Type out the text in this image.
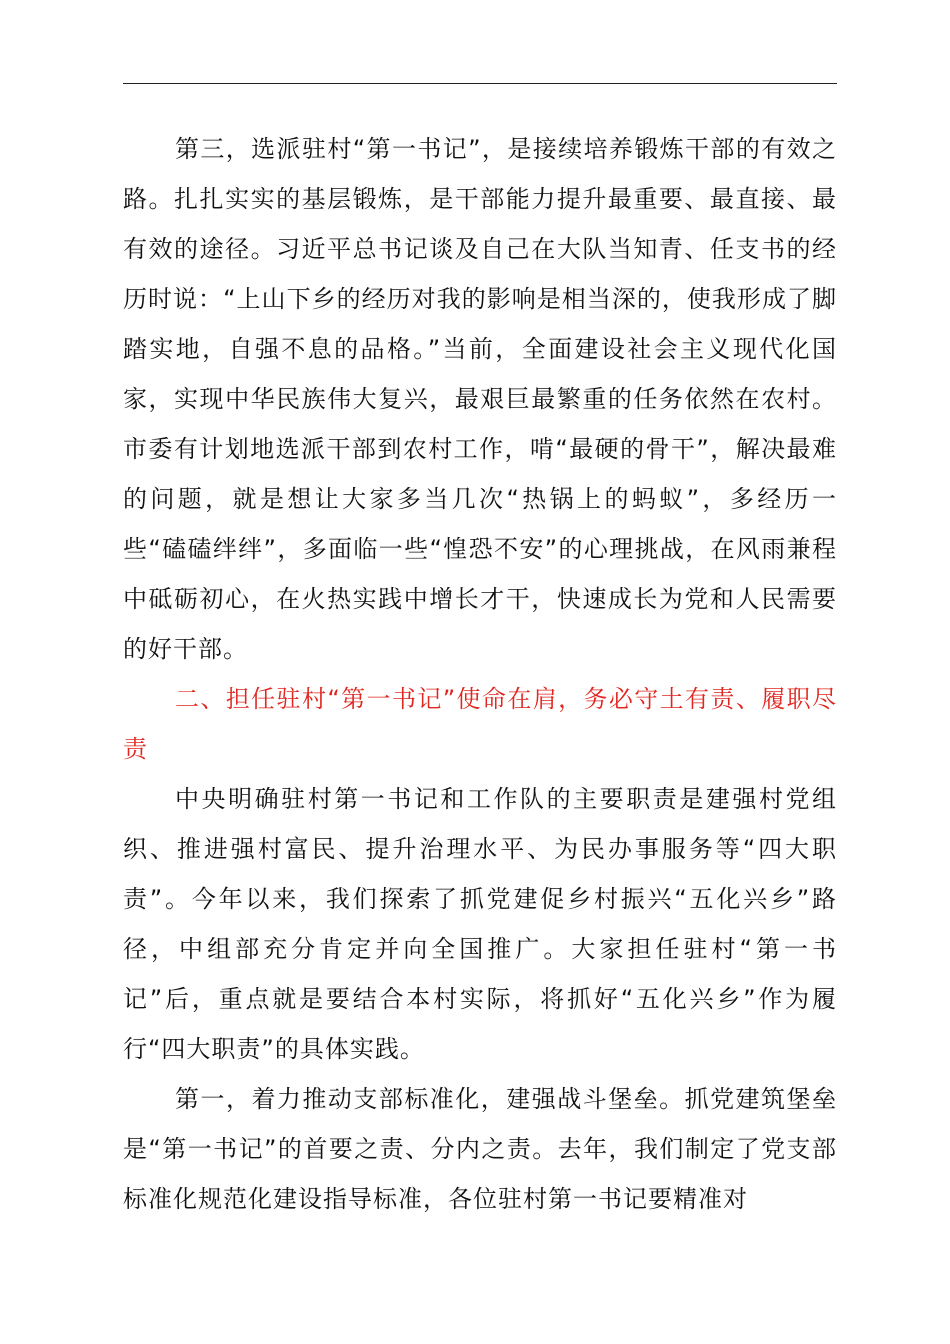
第三，选派驻村“第一书记”，是接续培养锻炼干部的有效之路。扎扎实实的基层锻炼，是干部能力提升最重要、最直接、最有效的途径。习近平总书记谈及自己在大队当知青、任支书的经历时说：“上山下乡的经历对我的影响是相当深的，使我形成了脚踏实地，自强不息的品格。”当前，全面建设社会主义现代化国家，实现中华民族伟大复兴，最艰巨最繁重的任务依然在农村。市委有计划地选派干部到农村工作，啃“最硬的骨干”，解决最难的问题，就是想让大家多当几次“热锅上的蚂蚁”，多经历一些“磕磕绊绊”，多面临一些“惶恐不安”的心理挑战，在风雨兼程中砥砺初心，在火热实践中增长才干，快速成长为党和人民需要的好干部。

二、担任驻村“第一书记”使命在肩，务必守土有责、履职尽责

中央明确驻村第一书记和工作队的主要职责是建强村党组织、推进强村富民、提升治理水平、为民办事服务等“四大职责”。今年以来，我们探索了抓党建促乡村振兴“五化兴乡”路径，中组部充分肯定并向全国推广。大家担任驻村“第一书记”后，重点就是要结合本村实际，将抓好“五化兴乡”作为履行“四大职责”的具体实践。

第一，着力推动支部标准化，建强战斗堡垒。抓党建筑堡垒是“第一书记”的首要之责、分内之责。去年，我们制定了党支部标准化规范化建设指导标准，各位驻村第一书记要精准对
